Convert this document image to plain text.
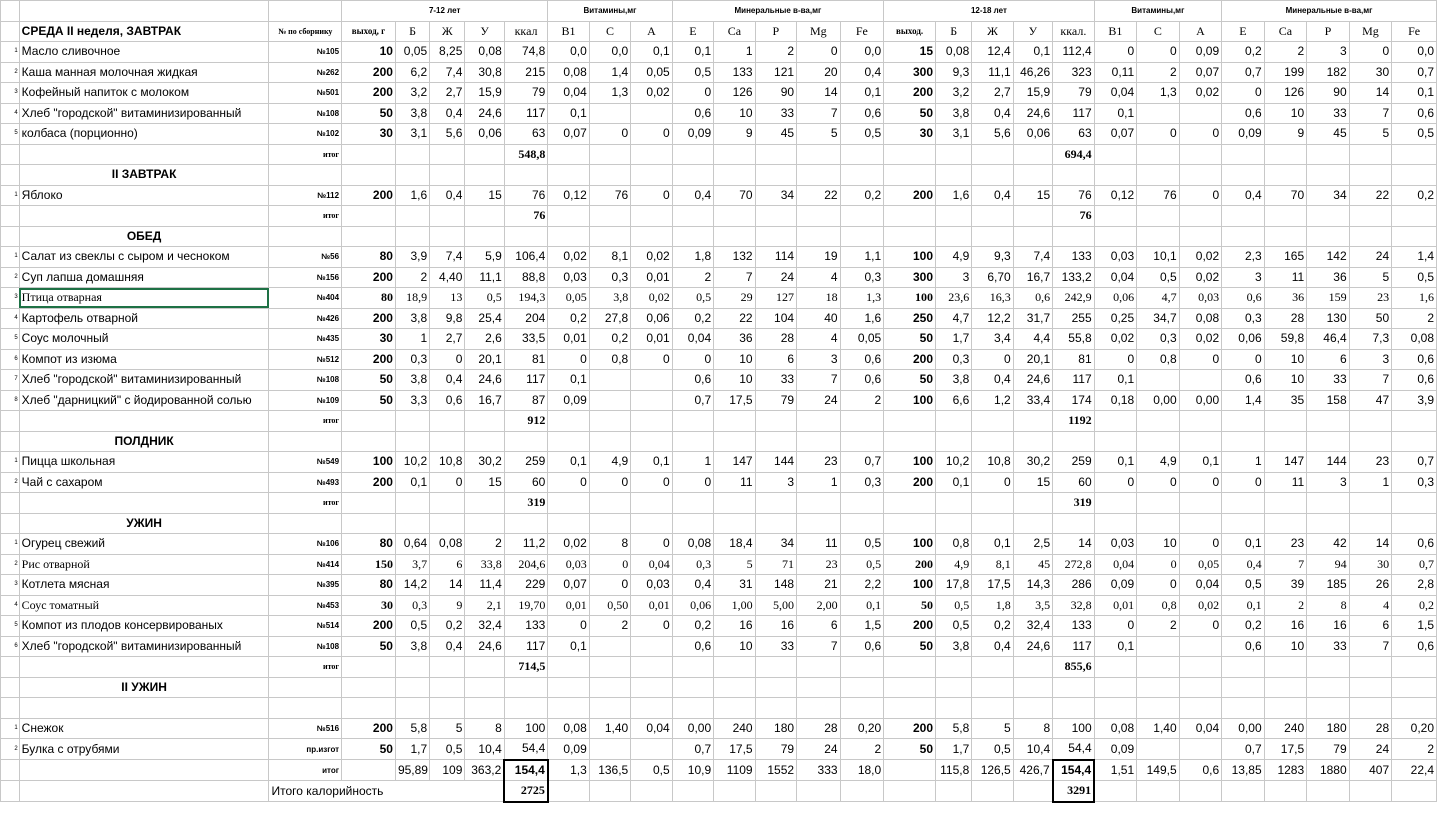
			7-12 лет					Витамины,мг			Минеральные в-ва,мг					12-18 лет					Витамины,мг			Минеральные в-ва,мг				
	СРЕДА II неделя, ЗАВТРАК	№ по сборнику	выход, г	Б	Ж	У	ккал	B1	C	A	E	Ca	P	Mg	Fe	выход.	Б	Ж	У	ккал.	B1	C	A	E	Ca	P	Mg	Fe
1	Масло сливочное	№105	10	0,05	8,25	0,08	74,8	0,0	0,0	0,1	0,1	1	2	0	0,0	15	0,08	12,4	0,1	112,4	0	0	0,09	0,2	2	3	0	0,0
2	Каша манная молочная жидкая	№262	200	6,2	7,4	30,8	215	0,08	1,4	0,05	0,5	133	121	20	0,4	300	9,3	11,1	46,26	323	0,11	2	0,07	0,7	199	182	30	0,7
3	Кофейный напиток с молоком	№501	200	3,2	2,7	15,9	79	0,04	1,3	0,02	0	126	90	14	0,1	200	3,2	2,7	15,9	79	0,04	1,3	0,02	0	126	90	14	0,1
4	Хлеб "городской" витаминизированный	№108	50	3,8	0,4	24,6	117	0,1			0,6	10	33	7	0,6	50	3,8	0,4	24,6	117	0,1			0,6	10	33	7	0,6
5	колбаса (порционно)	№102	30	3,1	5,6	0,06	63	0,07	0	0	0,09	9	45	5	0,5	30	3,1	5,6	0,06	63	0,07	0	0	0,09	9	45	5	0,5
		итог					548,8													694,4								
	II ЗАВТРАК																											
1	Яблоко	№112	200	1,6	0,4	15	76	0,12	76	0	0,4	70	34	22	0,2	200	1,6	0,4	15	76	0,12	76	0	0,4	70	34	22	0,2
		итог					76													76								
	ОБЕД																											
1	Салат из свеклы с сыром и чесноком	№56	80	3,9	7,4	5,9	106,4	0,02	8,1	0,02	1,8	132	114	19	1,1	100	4,9	9,3	7,4	133	0,03	10,1	0,02	2,3	165	142	24	1,4
2	Суп лапша домашняя	№156	200	2	4,40	11,1	88,8	0,03	0,3	0,01	2	7	24	4	0,3	300	3	6,70	16,7	133,2	0,04	0,5	0,02	3	11	36	5	0,5
3	Птица отварная	№404	80	18,9	13	0,5	194,3	0,05	3,8	0,02	0,5	29	127	18	1,3	100	23,6	16,3	0,6	242,9	0,06	4,7	0,03	0,6	36	159	23	1,6
4	Картофель отварной	№426	200	3,8	9,8	25,4	204	0,2	27,8	0,06	0,2	22	104	40	1,6	250	4,7	12,2	31,7	255	0,25	34,7	0,08	0,3	28	130	50	2
5	Соус молочный	№435	30	1	2,7	2,6	33,5	0,01	0,2	0,01	0,04	36	28	4	0,05	50	1,7	3,4	4,4	55,8	0,02	0,3	0,02	0,06	59,8	46,4	7,3	0,08
6	Компот из изюма	№512	200	0,3	0	20,1	81	0	0,8	0	0	10	6	3	0,6	200	0,3	0	20,1	81	0	0,8	0	0	10	6	3	0,6
7	Хлеб "городской" витаминизированный	№108	50	3,8	0,4	24,6	117	0,1			0,6	10	33	7	0,6	50	3,8	0,4	24,6	117	0,1			0,6	10	33	7	0,6
8	Хлеб "дарницкий" с йодированной солью	№109	50	3,3	0,6	16,7	87	0,09			0,7	17,5	79	24	2	100	6,6	1,2	33,4	174	0,18	0,00	0,00	1,4	35	158	47	3,9
		итог					912													1192								
	ПОЛДНИК																											
1	Пицца школьная	№549	100	10,2	10,8	30,2	259	0,1	4,9	0,1	1	147	144	23	0,7	100	10,2	10,8	30,2	259	0,1	4,9	0,1	1	147	144	23	0,7
2	Чай с сахаром	№493	200	0,1	0	15	60	0	0	0	0	11	3	1	0,3	200	0,1	0	15	60	0	0	0	0	11	3	1	0,3
		итог					319													319								
	УЖИН																											
1	Огурец свежий	№106	80	0,64	0,08	2	11,2	0,02	8	0	0,08	18,4	34	11	0,5	100	0,8	0,1	2,5	14	0,03	10	0	0,1	23	42	14	0,6
2	Рис отварной	№414	150	3,7	6	33,8	204,6	0,03	0	0,04	0,3	5	71	23	0,5	200	4,9	8,1	45	272,8	0,04	0	0,05	0,4	7	94	30	0,7
3	Котлета мясная	№395	80	14,2	14	11,4	229	0,07	0	0,03	0,4	31	148	21	2,2	100	17,8	17,5	14,3	286	0,09	0	0,04	0,5	39	185	26	2,8
4	Соус томатный	№453	30	0,3	9	2,1	19,70	0,01	0,50	0,01	0,06	1,00	5,00	2,00	0,1	50	0,5	1,8	3,5	32,8	0,01	0,8	0,02	0,1	2	8	4	0,2
5	Компот из плодов консервированых	№514	200	0,5	0,2	32,4	133	0	2	0	0,2	16	16	6	1,5	200	0,5	0,2	32,4	133	0	2	0	0,2	16	16	6	1,5
6	Хлеб "городской" витаминизированный	№108	50	3,8	0,4	24,6	117	0,1			0,6	10	33	7	0,6	50	3,8	0,4	24,6	117	0,1			0,6	10	33	7	0,6
		итог					714,5													855,6								
	II УЖИН																											

1	Снежок	№516	200	5,8	5	8	100	0,08	1,40	0,04	0,00	240	180	28	0,20	200	5,8	5	8	100	0,08	1,40	0,04	0,00	240	180	28	0,20
2	Булка с отрубями	пр.изгот	50	1,7	0,5	10,4	54,4	0,09			0,7	17,5	79	24	2	50	1,7	0,5	10,4	54,4	0,09			0,7	17,5	79	24	2
		итог		95,89	109	363,2	154,4	1,3	136,5	0,5	10,9	1109	1552	333	18,0		115,8	126,5	426,7	154,4	1,51	149,5	0,6	13,85	1283	1880	407	22,4
		Итого калорийность					2725													3291								
